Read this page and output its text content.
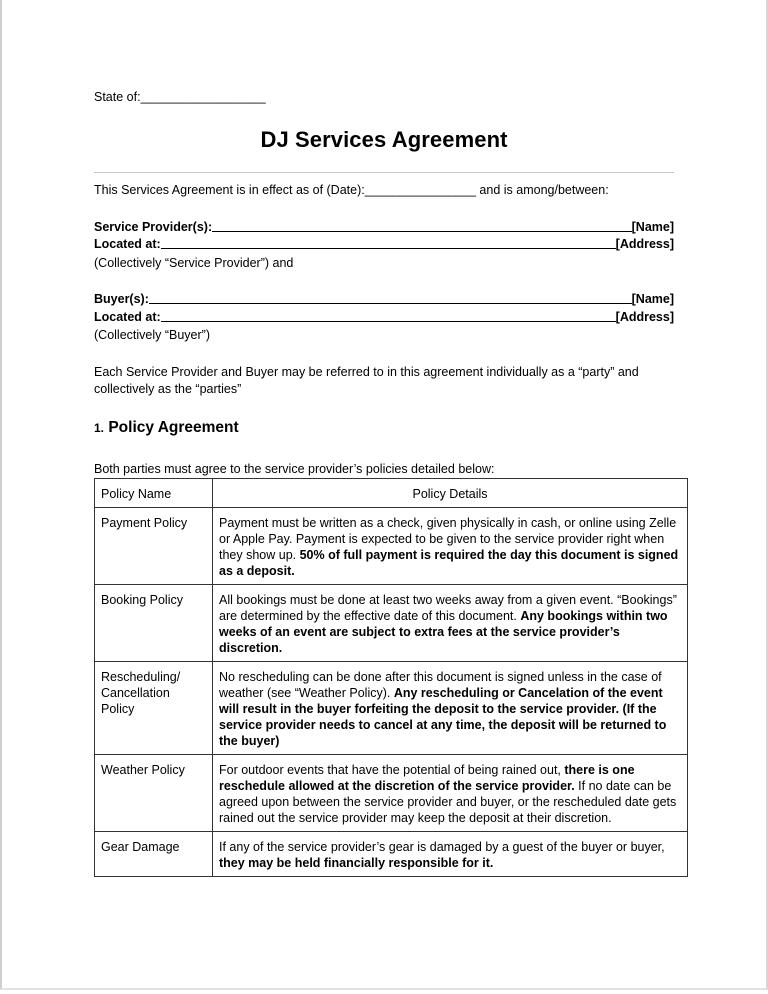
State of:__________________
DJ Services Agreement
This Services Agreement is in effect as of (Date):________________ and is among/between:
Service Provider(s):	[Name]
Located at:	[Address]
(Collectively “Service Provider”) and
Buyer(s):	[Name]
Located at:	[Address]
(Collectively “Buyer”)
Each Service Provider and Buyer may be referred to in this agreement individually as a “party” and collectively as the “parties”
1. Policy Agreement
Both parties must agree to the service provider’s policies detailed below:
Policy Name	Policy Details
Payment Policy	Payment must be written as a check, given physically in cash, or online using Zelle or Apple Pay. Payment is expected to be given to the service provider right when they show up. 50% of full payment is required the day this document is signed as a deposit.
Booking Policy	All bookings must be done at least two weeks away from a given event. “Bookings” are determined by the effective date of this document. Any bookings within two weeks of an event are subject to extra fees at the service provider’s discretion.
Rescheduling/ Cancellation Policy	No rescheduling can be done after this document is signed unless in the case of weather (see “Weather Policy). Any rescheduling or Cancelation of the event will result in the buyer forfeiting the deposit to the service provider. (If the service provider needs to cancel at any time, the deposit will be returned to the buyer)
Weather Policy	For outdoor events that have the potential of being rained out, there is one reschedule allowed at the discretion of the service provider. If no date can be agreed upon between the service provider and buyer, or the rescheduled date gets rained out the service provider may keep the deposit at their discretion.
Gear Damage	If any of the service provider’s gear is damaged by a guest of the buyer or buyer, they may be held financially responsible for it.
